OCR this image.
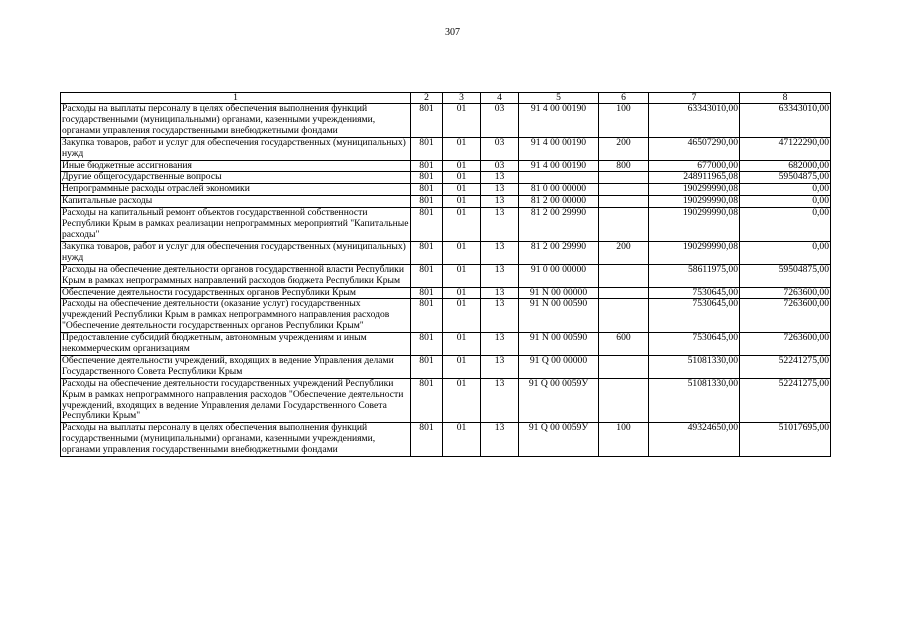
307
1	2	3	4	5	6	7	8
Расходы на выплаты персоналу в целях обеспечения выполнения функций государственными (муниципальными) органами, казенными учреждениями, органами управления государственными внебюджетными фондами	801	01	03	91 4 00 00190	100	63343010,00	63343010,00
Закупка товаров, работ и услуг для обеспечения государственных (муниципальных) нужд	801	01	03	91 4 00 00190	200	46507290,00	47122290,00
Иные бюджетные ассигнования	801	01	03	91 4 00 00190	800	677000,00	682000,00
Другие общегосударственные вопросы	801	01	13			248911965,08	59504875,00
Непрограммные расходы отраслей экономики	801	01	13	81 0 00 00000		190299990,08	0,00
Капитальные расходы	801	01	13	81 2 00 00000		190299990,08	0,00
Расходы на капитальный ремонт объектов государственной собственности Республики Крым в рамках реализации непрограммных мероприятий "Капитальные расходы"	801	01	13	81 2 00 29990		190299990,08	0,00
Закупка товаров, работ и услуг для обеспечения государственных (муниципальных) нужд	801	01	13	81 2 00 29990	200	190299990,08	0,00
Расходы на обеспечение деятельности органов государственной власти Республики Крым в рамках непрограммных направлений расходов бюджета Республики Крым	801	01	13	91 0 00 00000		58611975,00	59504875,00
Обеспечение деятельности государственных органов Республики Крым	801	01	13	91 N 00 00000		7530645,00	7263600,00
Расходы на обеспечение деятельности (оказание услуг) государственных учреждений Республики Крым в рамках непрограммного направления расходов "Обеспечение деятельности государственных органов Республики Крым"	801	01	13	91 N 00 00590		7530645,00	7263600,00
Предоставление субсидий бюджетным, автономным учреждениям и иным некоммерческим организациям	801	01	13	91 N 00 00590	600	7530645,00	7263600,00
Обеспечение деятельности учреждений, входящих в ведение Управления делами Государственного Совета Республики Крым	801	01	13	91 Q 00 00000		51081330,00	52241275,00
Расходы на обеспечение деятельности государственных учреждений Республики Крым в рамках непрограммного направления расходов "Обеспечение деятельности учреждений, входящих в ведение Управления делами Государственного Совета Республики Крым"	801	01	13	91 Q 00 0059У		51081330,00	52241275,00
Расходы на выплаты персоналу в целях обеспечения выполнения функций государственными (муниципальными) органами, казенными учреждениями, органами управления государственными внебюджетными фондами	801	01	13	91 Q 00 0059У	100	49324650,00	51017695,00
